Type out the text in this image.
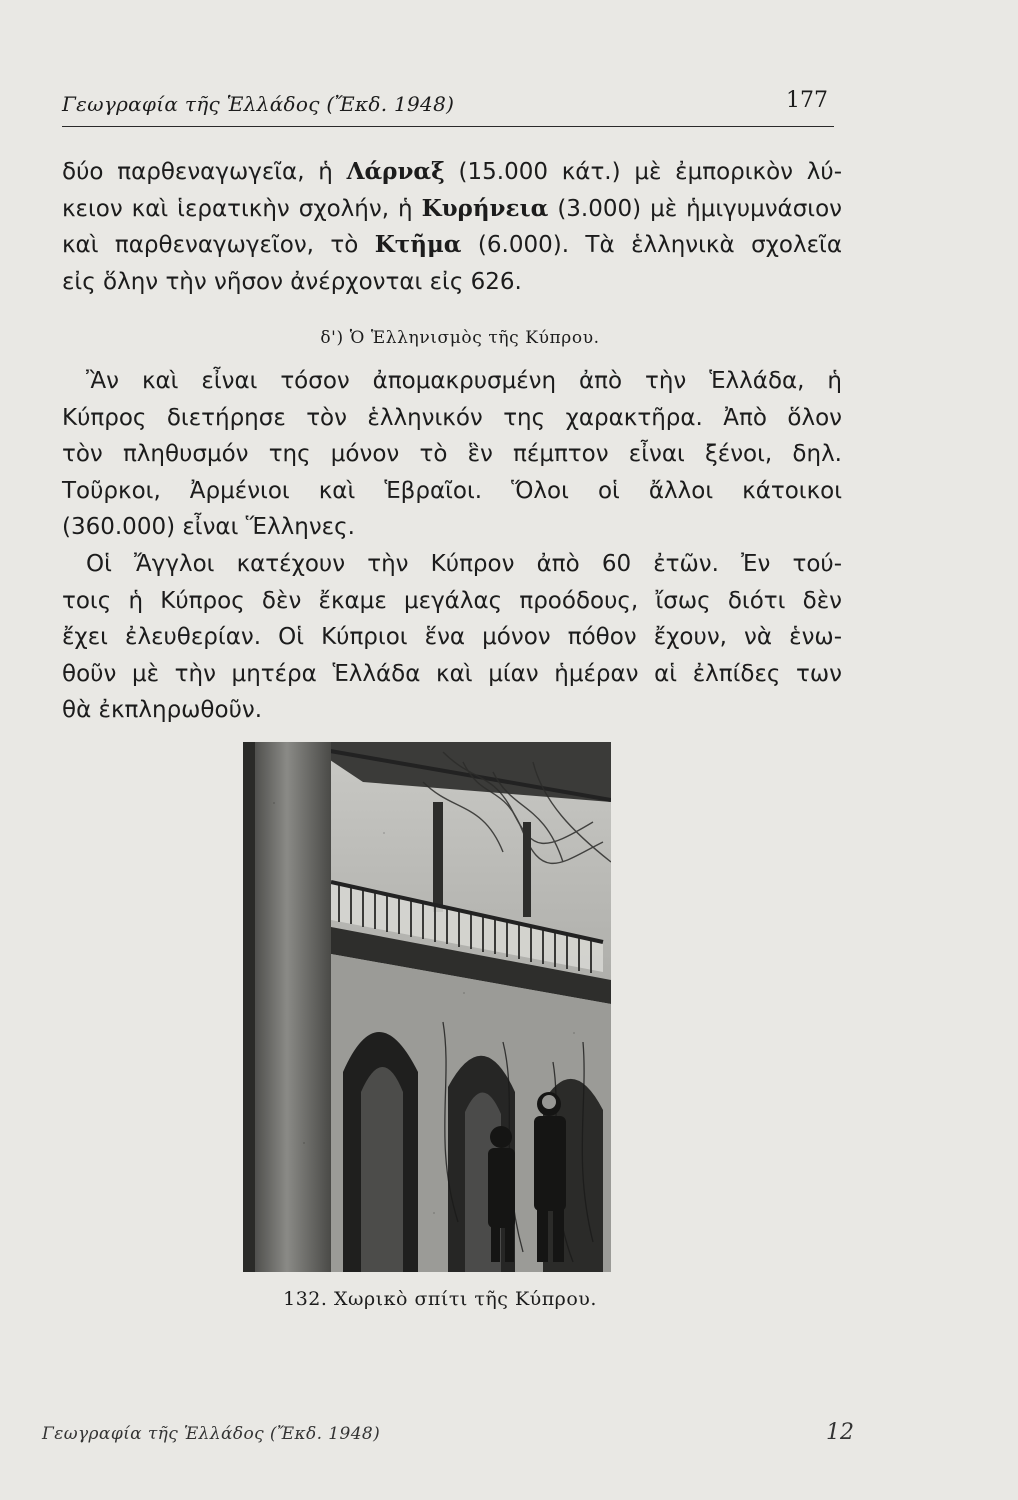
Γεωγραφία τῆς Ἑλλάδος (Ἔκδ. 1948)	177
δύο παρθεναγωγεῖα, ἡ Λάρναξ (15.000 κάτ.) μὲ ἐμπορικὸν λύ-
κειον καὶ ἱερατικὴν σχολήν, ἡ Κυρήνεια (3.000) μὲ ἡμιγυμνάσιον
καὶ παρθεναγωγεῖον, τὸ Κτῆμα (6.000). Τὰ ἑλληνικὰ σχολεῖα
εἰς ὅλην τὴν νῆσον ἀνέρχονται εἰς 626.
δ') Ὁ Ἑλληνισμὸς τῆς Κύπρου.
Ἂν καὶ εἶναι τόσον ἀπομακρυσμένη ἀπὸ τὴν Ἑλλάδα, ἡ
Κύπρος διετήρησε τὸν ἑλληνικόν της χαρακτῆρα. Ἀπὸ ὅλον
τὸν πληθυσμόν της μόνον τὸ ἓν πέμπτον εἶναι ξένοι, δηλ.
Τοῦρκοι, Ἀρμένιοι καὶ Ἑβραῖοι. Ὅλοι οἱ ἄλλοι κάτοικοι
(360.000) εἶναι Ἕλληνες.
Οἱ Ἄγγλοι κατέχουν τὴν Κύπρον ἀπὸ 60 ἐτῶν. Ἐν τού-
τοις ἡ Κύπρος δὲν ἔκαμε μεγάλας προόδους, ἴσως διότι δὲν
ἔχει ἐλευθερίαν. Οἱ Κύπριοι ἕνα μόνον πόθον ἔχουν, νὰ ἑνω-
θοῦν μὲ τὴν μητέρα Ἑλλάδα καὶ μίαν ἡμέραν αἱ ἐλπίδες των
θὰ ἐκπληρωθοῦν.
132. Χωρικὸ σπίτι τῆς Κύπρου.
Γεωγραφία τῆς Ἑλλάδος (Ἔκδ. 1948)	12
